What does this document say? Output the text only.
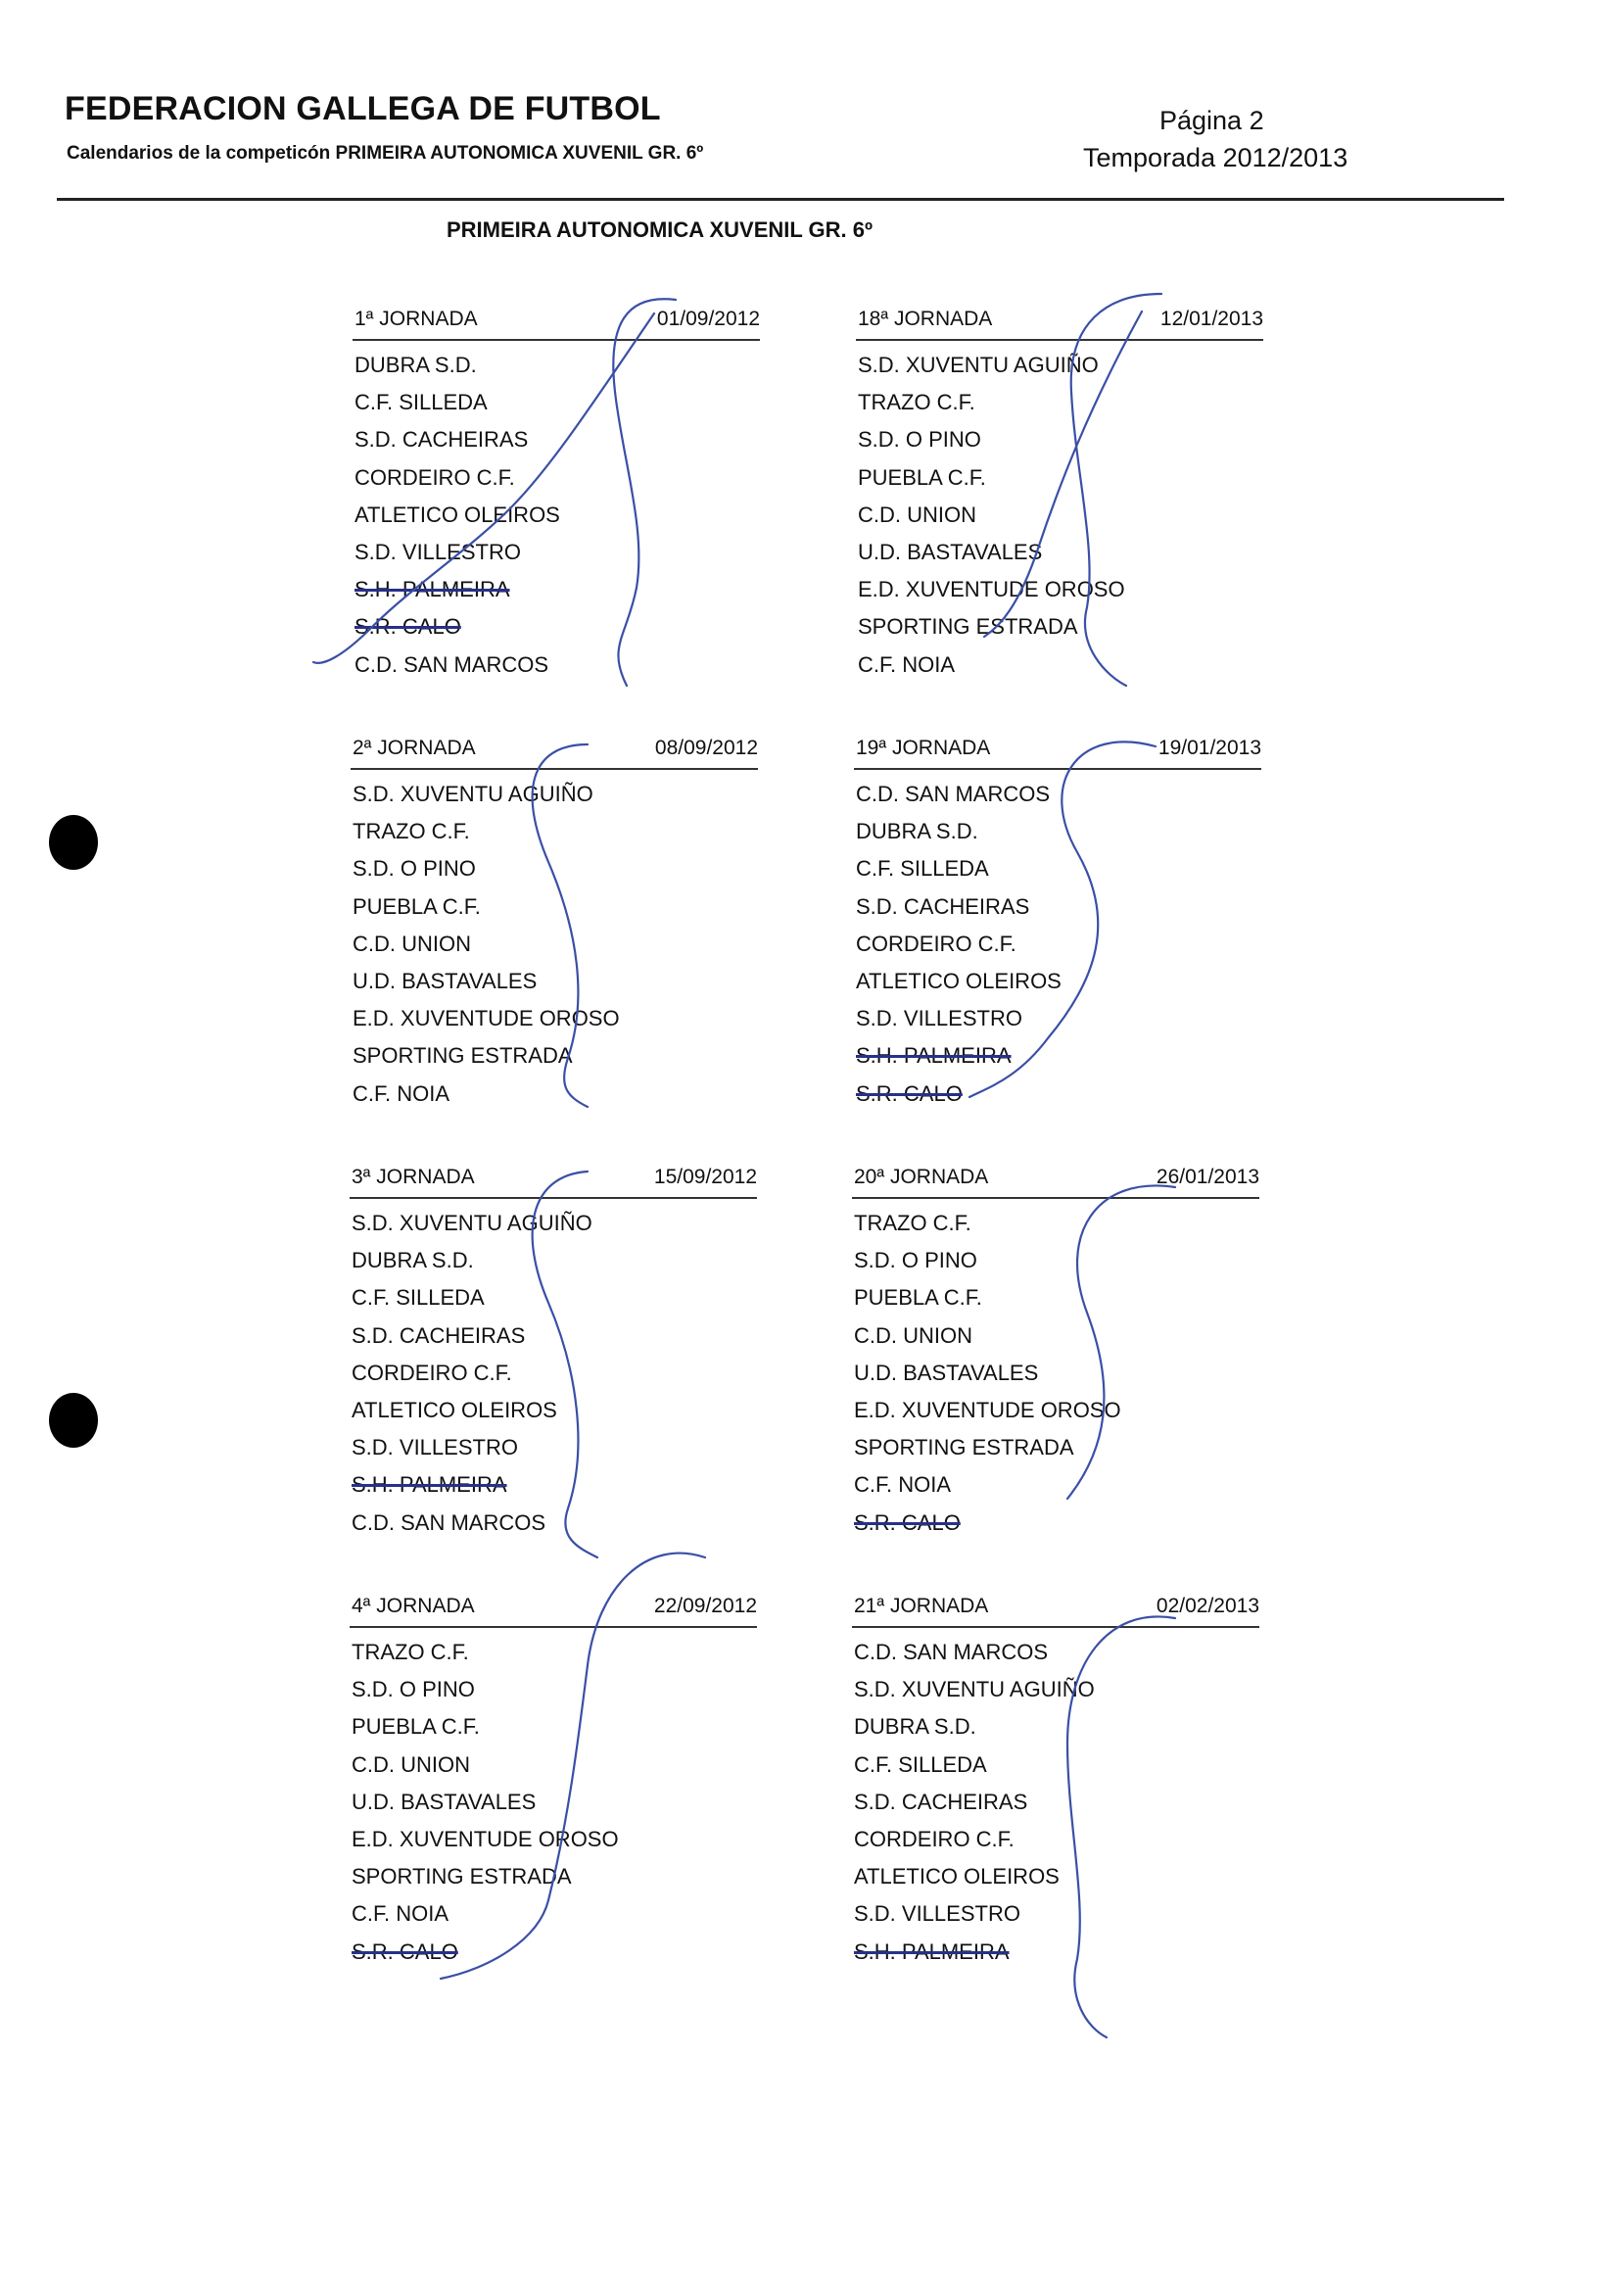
FEDERACION GALLEGA DE FUTBOL
Calendarios de la competicón PRIMEIRA AUTONOMICA XUVENIL GR. 6º
Página 2
Temporada 2012/2013
PRIMEIRA AUTONOMICA XUVENIL GR. 6º
1ª JORNADA	01/09/2012
DUBRA S.D.
C.F. SILLEDA
S.D. CACHEIRAS
CORDEIRO C.F.
ATLETICO OLEIROS
S.D. VILLESTRO
S.H. PALMEIRA
S.R. CALO
C.D. SAN MARCOS
18ª JORNADA	12/01/2013
S.D. XUVENTU AGUIÑO
TRAZO C.F.
S.D. O PINO
PUEBLA C.F.
C.D. UNION
U.D. BASTAVALES
E.D. XUVENTUDE OROSO
SPORTING ESTRADA
C.F. NOIA
2ª JORNADA	08/09/2012
S.D. XUVENTU AGUIÑO
TRAZO C.F.
S.D. O PINO
PUEBLA C.F.
C.D. UNION
U.D. BASTAVALES
E.D. XUVENTUDE OROSO
SPORTING ESTRADA
C.F. NOIA
19ª JORNADA	19/01/2013
C.D. SAN MARCOS
DUBRA S.D.
C.F. SILLEDA
S.D. CACHEIRAS
CORDEIRO C.F.
ATLETICO OLEIROS
S.D. VILLESTRO
S.H. PALMEIRA
S.R. CALO
3ª JORNADA	15/09/2012
S.D. XUVENTU AGUIÑO
DUBRA S.D.
C.F. SILLEDA
S.D. CACHEIRAS
CORDEIRO C.F.
ATLETICO OLEIROS
S.D. VILLESTRO
S.H. PALMEIRA
C.D. SAN MARCOS
20ª JORNADA	26/01/2013
TRAZO C.F.
S.D. O PINO
PUEBLA C.F.
C.D. UNION
U.D. BASTAVALES
E.D. XUVENTUDE OROSO
SPORTING ESTRADA
C.F. NOIA
S.R. CALO
4ª JORNADA	22/09/2012
TRAZO C.F.
S.D. O PINO
PUEBLA C.F.
C.D. UNION
U.D. BASTAVALES
E.D. XUVENTUDE OROSO
SPORTING ESTRADA
C.F. NOIA
S.R. CALO
21ª JORNADA	02/02/2013
C.D. SAN MARCOS
S.D. XUVENTU AGUIÑO
DUBRA S.D.
C.F. SILLEDA
S.D. CACHEIRAS
CORDEIRO C.F.
ATLETICO OLEIROS
S.D. VILLESTRO
S.H. PALMEIRA
